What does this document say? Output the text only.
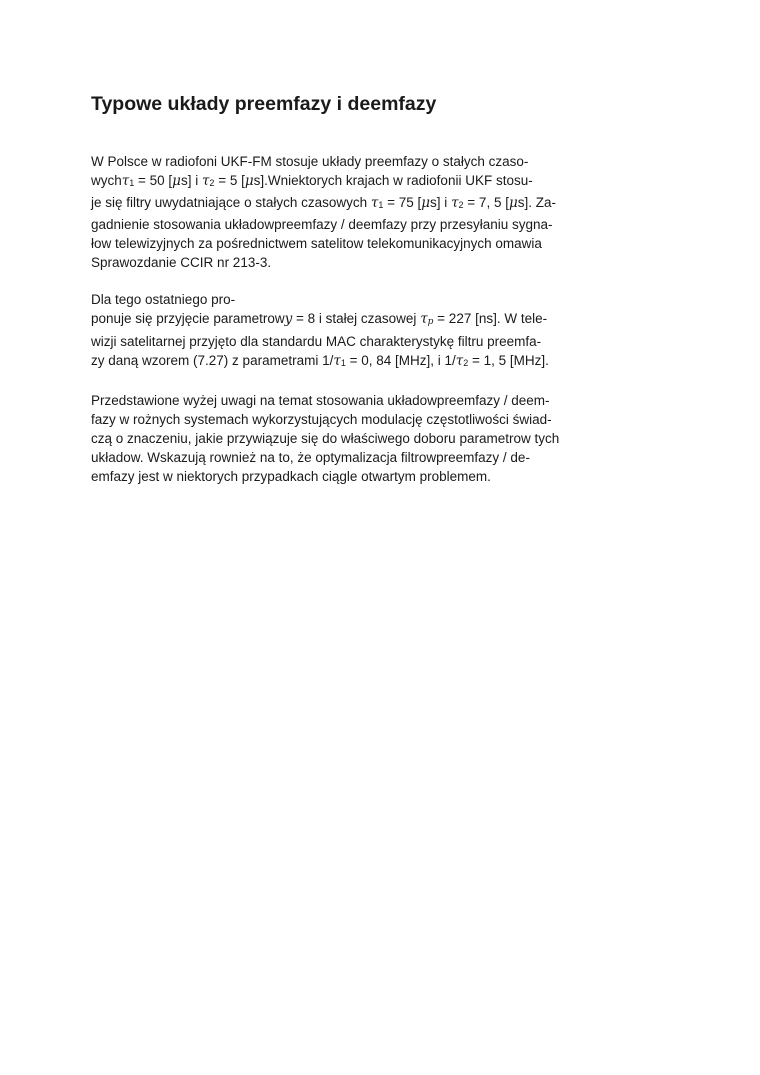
Typowe układy preemfazy i deemfazy

W Polsce w radiofoni UKF-FM stosuje układy preemfazy o stałych czaso-
wychτ1 = 50 [μs] i τ2 = 5 [μs].Wniektorych krajach w radiofonii UKF stosu-
je się filtry uwydatniające o stałych czasowych τ1 = 75 [μs] i τ2 = 7, 5 [μs]. Za-
gadnienie stosowania układowpreemfazy / deemfazy przy przesyłaniu sygna-
łow telewizyjnych za pośrednictwem satelitow telekomunikacyjnych omawia
Sprawozdanie CCIR nr 213-3.

Dla tego ostatniego pro-
ponuje się przyjęcie parametrowy = 8 i stałej czasowej τp = 227 [ns]. W tele-
wizji satelitarnej przyjęto dla standardu MAC charakterystykę filtru preemfa-
zy daną wzorem (7.27) z parametrami 1/τ1 = 0, 84 [MHz], i 1/τ2 = 1, 5 [MHz].

Przedstawione wyżej uwagi na temat stosowania układowpreemfazy / deem-
fazy w rożnych systemach wykorzystujących modulację częstotliwości świad-
czą o znaczeniu, jakie przywiązuje się do właściwego doboru parametrow tych
układow. Wskazują rownież na to, że optymalizacja filtrowpreemfazy / de-
emfazy jest w niektorych przypadkach ciągle otwartym problemem.
